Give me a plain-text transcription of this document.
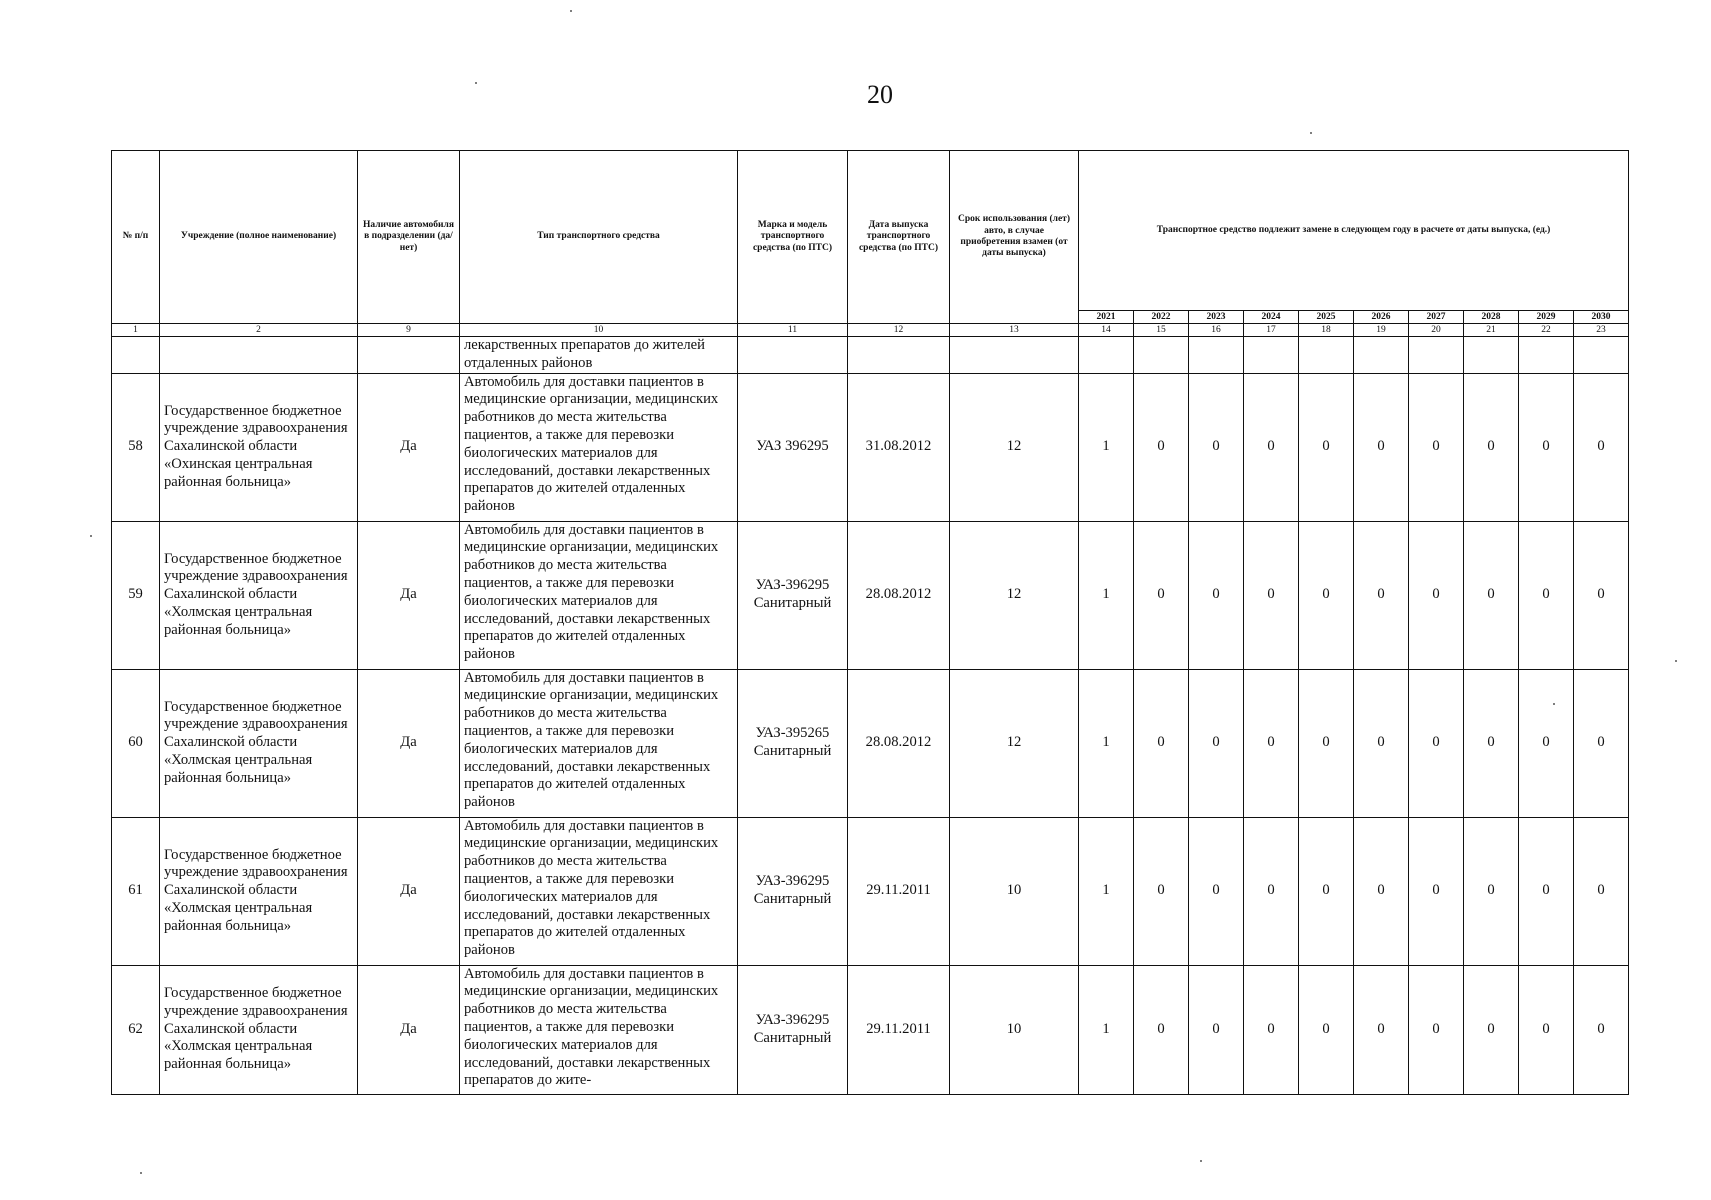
20
№ п/п	Учреждение (полное наименование)	Наличие автомобиля в подразделении (да/нет)	Тип транспортного средства	Марка и модель транспортного средства (по ПТС)	Дата выпуска транспортного средства (по ПТС)	Срок использования (лет) авто, в случае приобретения взамен (от даты выпуска)	Транспортное средство подлежит замене в следующем году в расчете от даты выпуска, (ед.)									
							2021	2022	2023	2024	2025	2026	2027	2028	2029	2030
1	2	9	10	11	12	13	14	15	16	17	18	19	20	21	22	23
			лекарственных препаратов до жителей отдаленных районов													
58	Государственное бюджетное учреждение здравоохранения Сахалинской области «Охинская центральная районная больница»	Да	Автомобиль для доставки пациентов в медицинские организации, медицинских работников до места жительства пациентов, а также для перевозки биологических материалов для исследований, доставки лекарственных препаратов до жителей отдаленных районов	УАЗ 396295	31.08.2012	12	1	0	0	0	0	0	0	0	0	0
59	Государственное бюджетное учреждение здравоохранения Сахалинской области «Холмская центральная районная больница»	Да	Автомобиль для доставки пациентов в медицинские организации, медицинских работников до места жительства пациентов, а также для перевозки биологических материалов для исследований, доставки лекарственных препаратов до жителей отдаленных районов	УАЗ-396295 Санитарный	28.08.2012	12	1	0	0	0	0	0	0	0	0	0
60	Государственное бюджетное учреждение здравоохранения Сахалинской области «Холмская центральная районная больница»	Да	Автомобиль для доставки пациентов в медицинские организации, медицинских работников до места жительства пациентов, а также для перевозки биологических материалов для исследований, доставки лекарственных препаратов до жителей отдаленных районов	УАЗ-395265 Санитарный	28.08.2012	12	1	0	0	0	0	0	0	0	0	0
61	Государственное бюджетное учреждение здравоохранения Сахалинской области «Холмская центральная районная больница»	Да	Автомобиль для доставки пациентов в медицинские организации, медицинских работников до места жительства пациентов, а также для перевозки биологических материалов для исследований, доставки лекарственных препаратов до жителей отдаленных районов	УАЗ-396295 Санитарный	29.11.2011	10	1	0	0	0	0	0	0	0	0	0
62	Государственное бюджетное учреждение здравоохранения Сахалинской области «Холмская центральная районная больница»	Да	Автомобиль для доставки пациентов в медицинские организации, медицинских работников до места жительства пациентов, а также для перевозки биологических материалов для исследований, доставки лекарственных препаратов до жите-	УАЗ-396295 Санитарный	29.11.2011	10	1	0	0	0	0	0	0	0	0	0
